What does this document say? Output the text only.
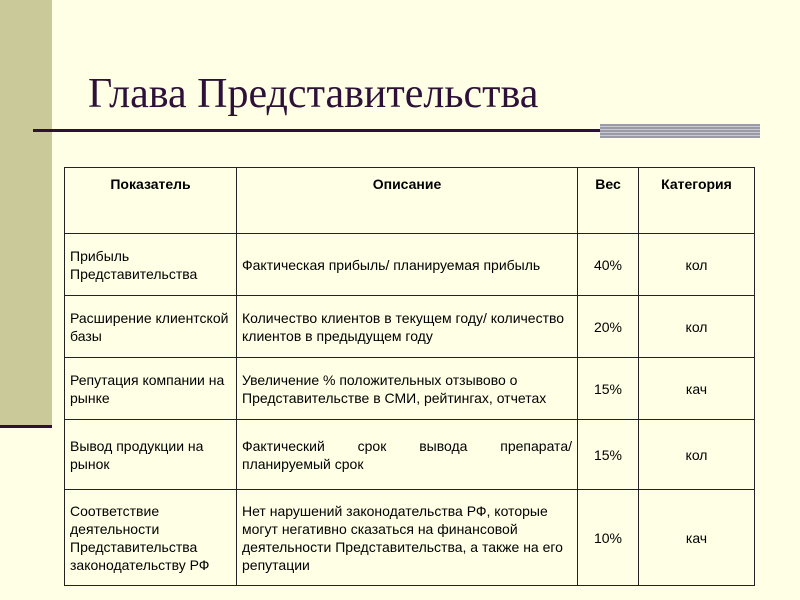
Глава Представительства
Показатель	Описание	Вес	Категория
Прибыль Представительства	Фактическая прибыль/ планируемая прибыль	40%	кол
Расширение клиентской базы	Количество клиентов в текущем году/ количество клиентов в предыдущем году	20%	кол
Репутация компании на рынке	Увеличение % положительных отзывово о Представительстве в СМИ, рейтингах, отчетах	15%	кач
Вывод продукции на рынок	Фактический срок вывода препарата/ планируемый срок	15%	кол
Соответствие деятельности Представительства законодательству РФ	Нет нарушений законодательства РФ, которые могут негативно сказаться на финансовой деятельности Представительства, а также на его репутации	10%	кач
